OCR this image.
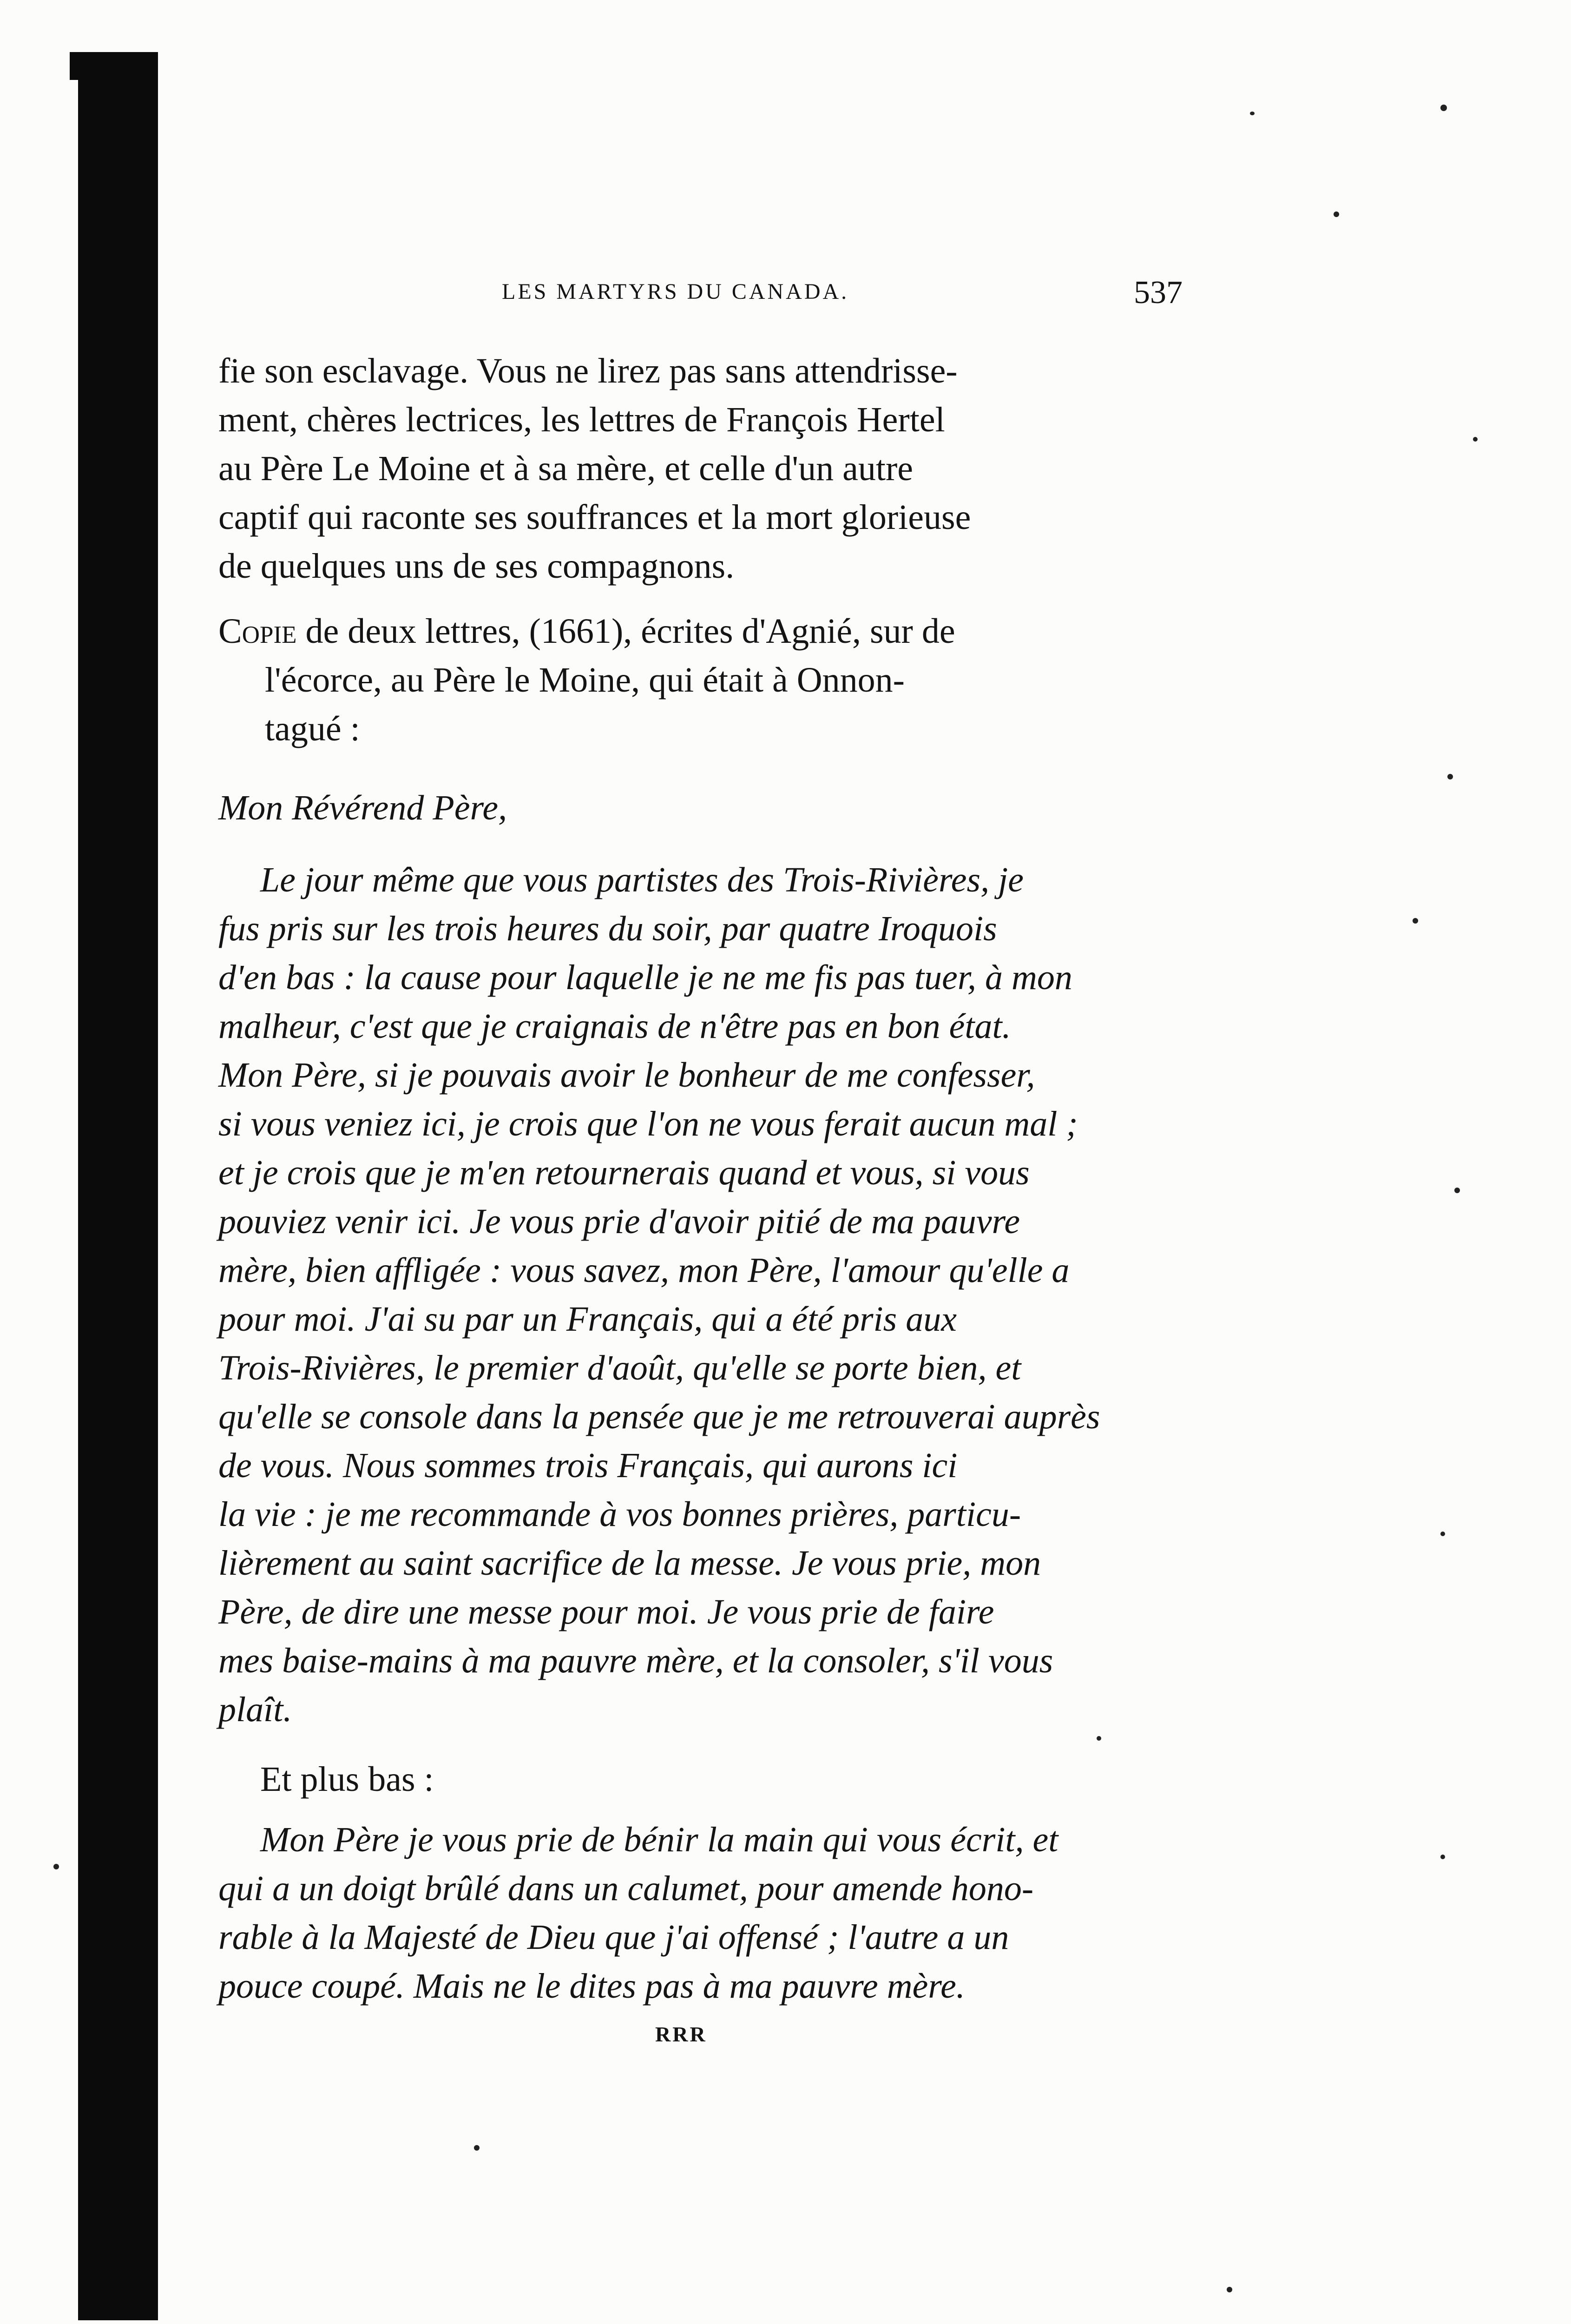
LES MARTYRS DU CANADA.	537
fie son esclavage. Vous ne lirez pas sans attendrisse-
ment, chères lectrices, les lettres de François Hertel
au Père Le Moine et à sa mère, et celle d'un autre
captif qui raconte ses souffrances et la mort glorieuse
de quelques uns de ses compagnons.
Copie de deux lettres, (1661), écrites d'Agnié, sur de
l'écorce, au Père le Moine, qui était à Onnon-
tagué :
Mon Révérend Père,
Le jour même que vous partistes des Trois-Rivières, je
fus pris sur les trois heures du soir, par quatre Iroquois
d'en bas : la cause pour laquelle je ne me fis pas tuer, à mon
malheur, c'est que je craignais de n'être pas en bon état.
Mon Père, si je pouvais avoir le bonheur de me confesser,
si vous veniez ici, je crois que l'on ne vous ferait aucun mal ;
et je crois que je m'en retournerais quand et vous, si vous
pouviez venir ici. Je vous prie d'avoir pitié de ma pauvre
mère, bien affligée : vous savez, mon Père, l'amour qu'elle a
pour moi. J'ai su par un Français, qui a été pris aux
Trois-Rivières, le premier d'août, qu'elle se porte bien, et
qu'elle se console dans la pensée que je me retrouverai auprès
de vous. Nous sommes trois Français, qui aurons ici
la vie : je me recommande à vos bonnes prières, particu-
lièrement au saint sacrifice de la messe. Je vous prie, mon
Père, de dire une messe pour moi. Je vous prie de faire
mes baise-mains à ma pauvre mère, et la consoler, s'il vous
plaît.
Et plus bas :
Mon Père je vous prie de bénir la main qui vous écrit, et
qui a un doigt brûlé dans un calumet, pour amende hono-
rable à la Majesté de Dieu que j'ai offensé ; l'autre a un
pouce coupé. Mais ne le dites pas à ma pauvre mère.
RRR
